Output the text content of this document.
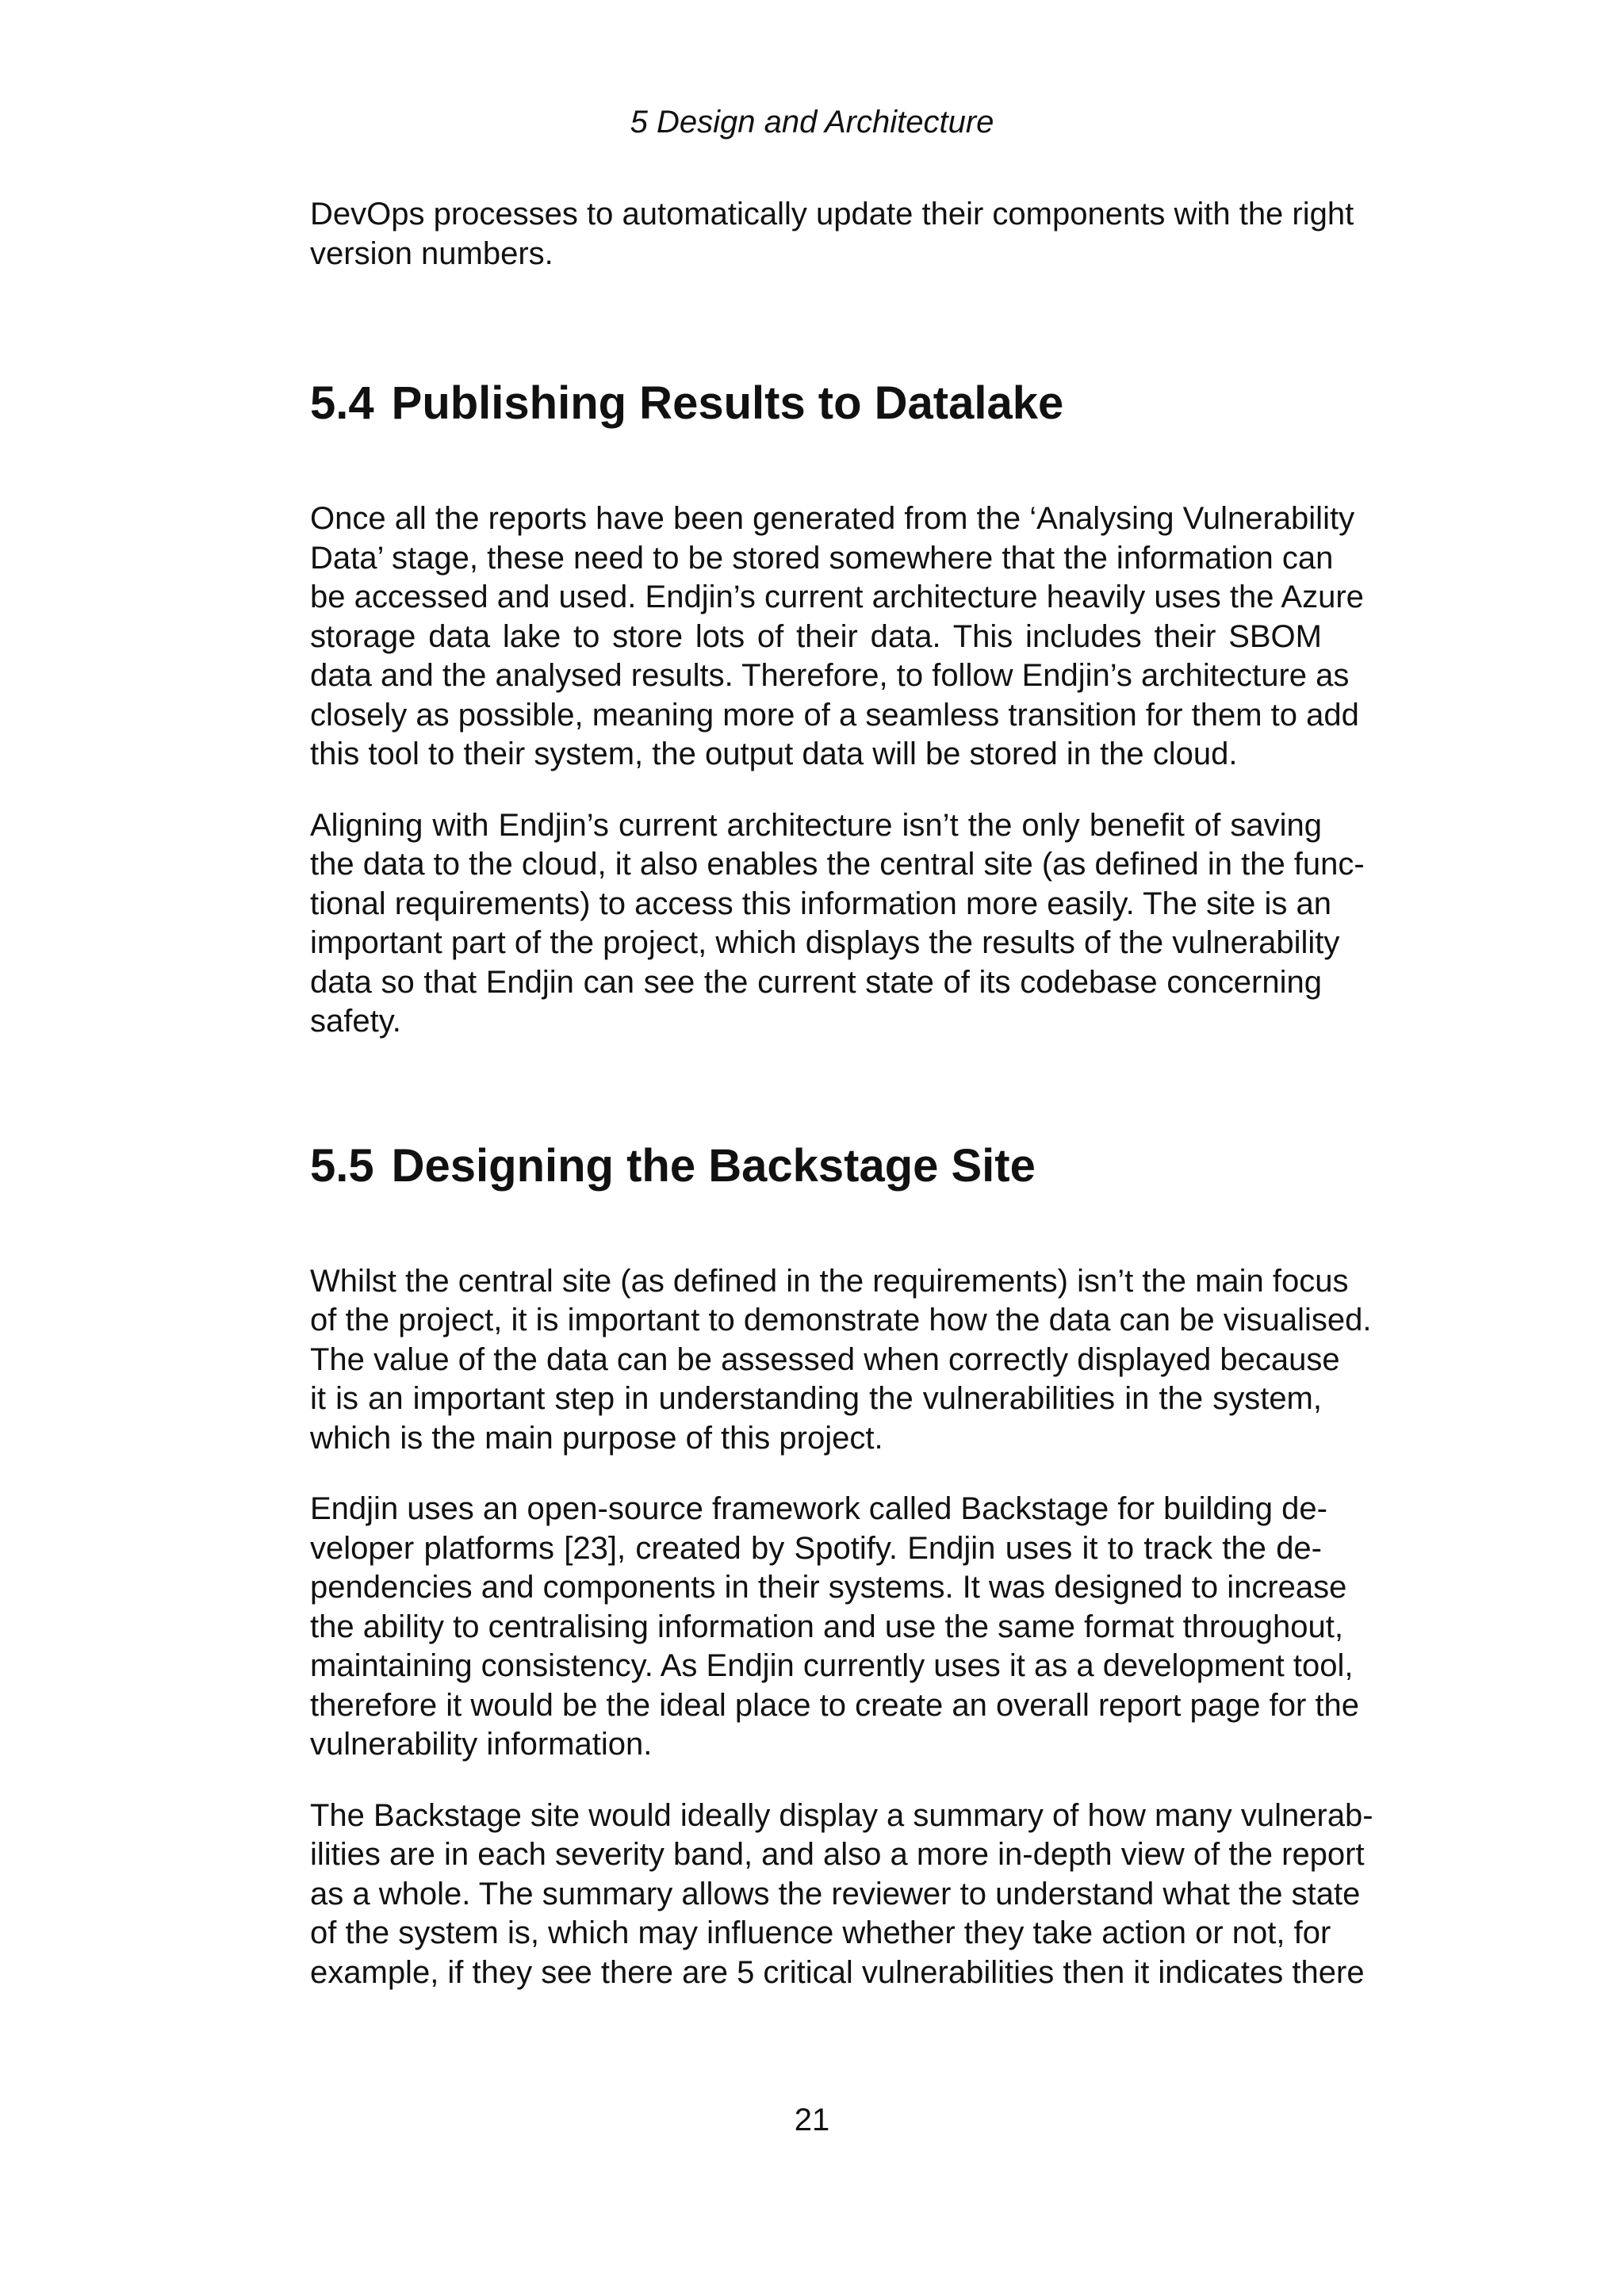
5 Design and Architecture

DevOps processes to automatically update their components with the right
version numbers.

5.4 Publishing Results to Datalake

Once all the reports have been generated from the ‘Analysing Vulnerability
Data’ stage, these need to be stored somewhere that the information can
be accessed and used. Endjin’s current architecture heavily uses the Azure
storage data lake to store lots of their data. This includes their SBOM
data and the analysed results. Therefore, to follow Endjin’s architecture as
closely as possible, meaning more of a seamless transition for them to add
this tool to their system, the output data will be stored in the cloud.

Aligning with Endjin’s current architecture isn’t the only benefit of saving
the data to the cloud, it also enables the central site (as defined in the func-
tional requirements) to access this information more easily. The site is an
important part of the project, which displays the results of the vulnerability
data so that Endjin can see the current state of its codebase concerning
safety.

5.5 Designing the Backstage Site

Whilst the central site (as defined in the requirements) isn’t the main focus
of the project, it is important to demonstrate how the data can be visualised.
The value of the data can be assessed when correctly displayed because
it is an important step in understanding the vulnerabilities in the system,
which is the main purpose of this project.

Endjin uses an open-source framework called Backstage for building de-
veloper platforms [23], created by Spotify. Endjin uses it to track the de-
pendencies and components in their systems. It was designed to increase
the ability to centralising information and use the same format throughout,
maintaining consistency. As Endjin currently uses it as a development tool,
therefore it would be the ideal place to create an overall report page for the
vulnerability information.

The Backstage site would ideally display a summary of how many vulnerab-
ilities are in each severity band, and also a more in-depth view of the report
as a whole. The summary allows the reviewer to understand what the state
of the system is, which may influence whether they take action or not, for
example, if they see there are 5 critical vulnerabilities then it indicates there

21
